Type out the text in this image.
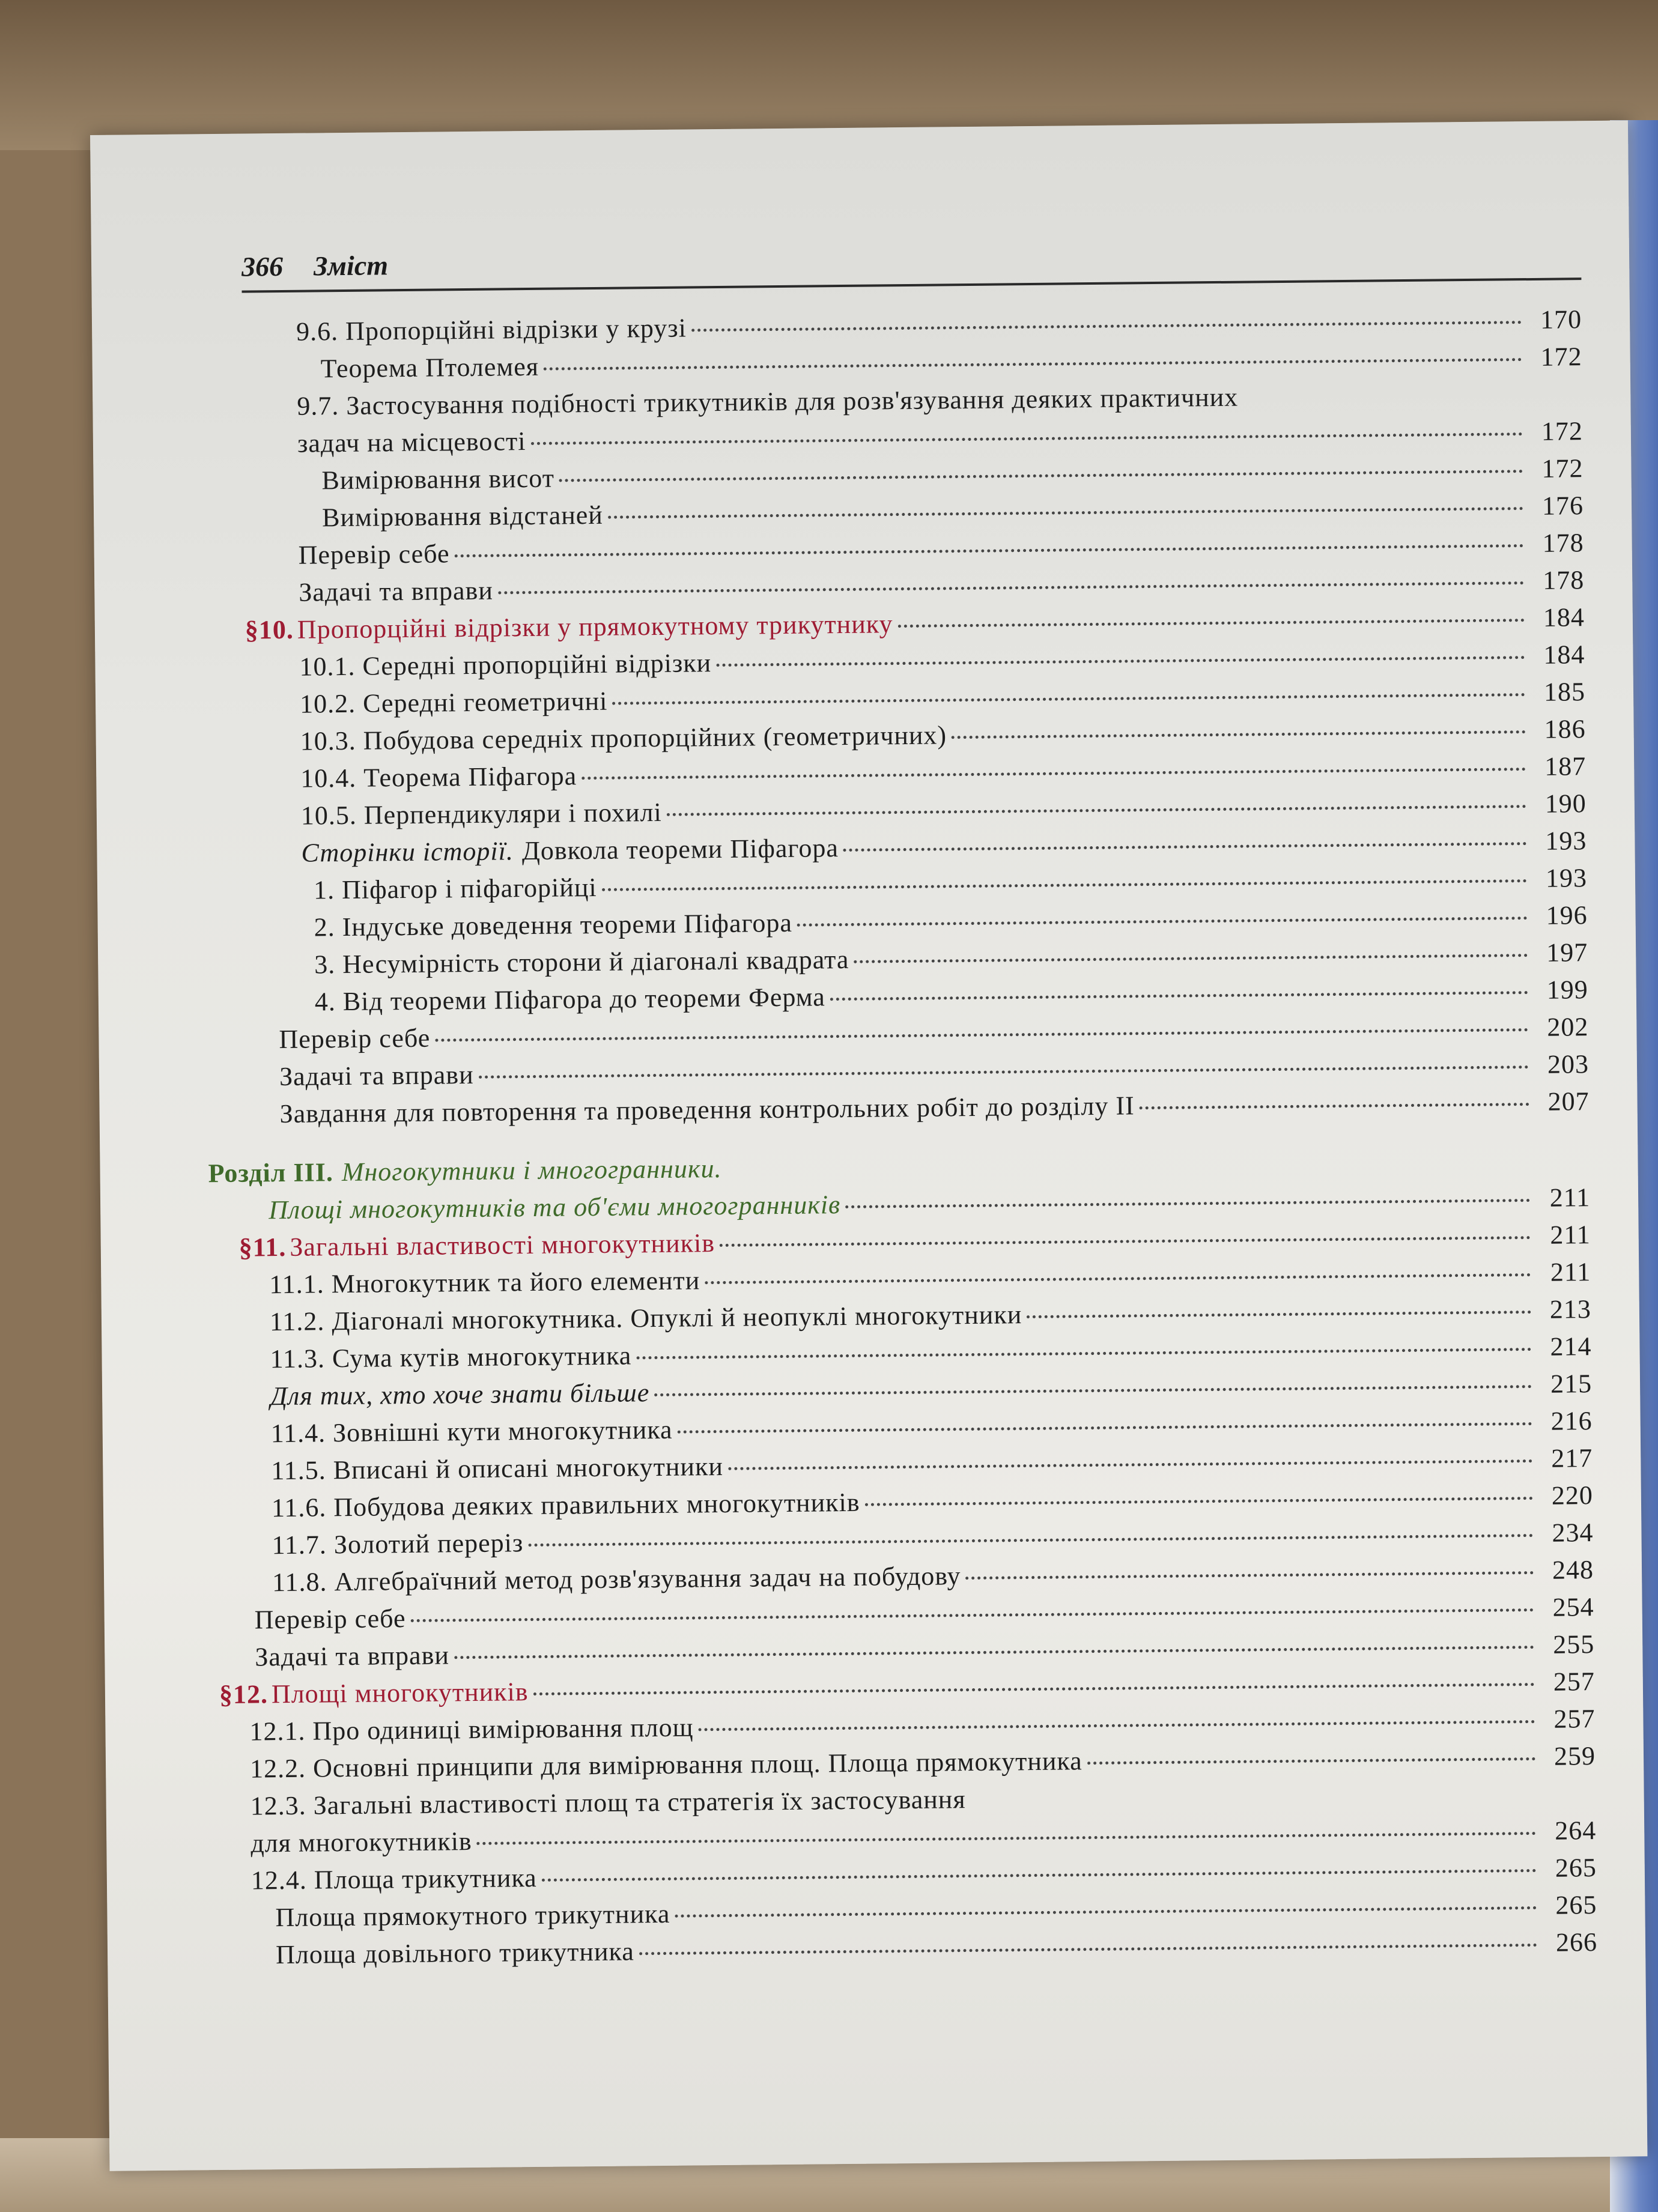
366 Зміст
9.6. Пропорційні відрізки у крузі	170
Теорема Птолемея	172
9.7. Застосування подібності трикутників для розв'язування деяких практичних
задач на місцевості	172
Вимірювання висот	172
Вимірювання відстаней	176
Перевір себе	178
Задачі та вправи	178
§10. Пропорційні відрізки у прямокутному трикутнику	184
10.1. Середні пропорційні відрізки	184
10.2. Середні геометричні	185
10.3. Побудова середніх пропорційних (геометричних)	186
10.4. Теорема Піфагора	187
10.5. Перпендикуляри і похилі	190
Сторінки історії. Довкола теореми Піфагора	193
1. Піфагор і піфагорійці	193
2. Індуське доведення теореми Піфагора	196
3. Несумірність сторони й діагоналі квадрата	197
4. Від теореми Піфагора до теореми Ферма	199
Перевір себе	202
Задачі та вправи	203
Завдання для повторення та проведення контрольних робіт до розділу II	207
Розділ III. Многокутники і многогранники.
Площі многокутників та об'єми многогранників	211
§11. Загальні властивості многокутників	211
11.1. Многокутник та його елементи	211
11.2. Діагоналі многокутника. Опуклі й неопуклі многокутники	213
11.3. Сума кутів многокутника	214
Для тих, хто хоче знати більше	215
11.4. Зовнішні кути многокутника	216
11.5. Вписані й описані многокутники	217
11.6. Побудова деяких правильних многокутників	220
11.7. Золотий переріз	234
11.8. Алгебраїчний метод розв'язування задач на побудову	248
Перевір себе	254
Задачі та вправи	255
§12. Площі многокутників	257
12.1. Про одиниці вимірювання площ	257
12.2. Основні принципи для вимірювання площ. Площа прямокутника	259
12.3. Загальні властивості площ та стратегія їх застосування
для многокутників	264
12.4. Площа трикутника	265
Площа прямокутного трикутника	265
Площа довільного трикутника	266
